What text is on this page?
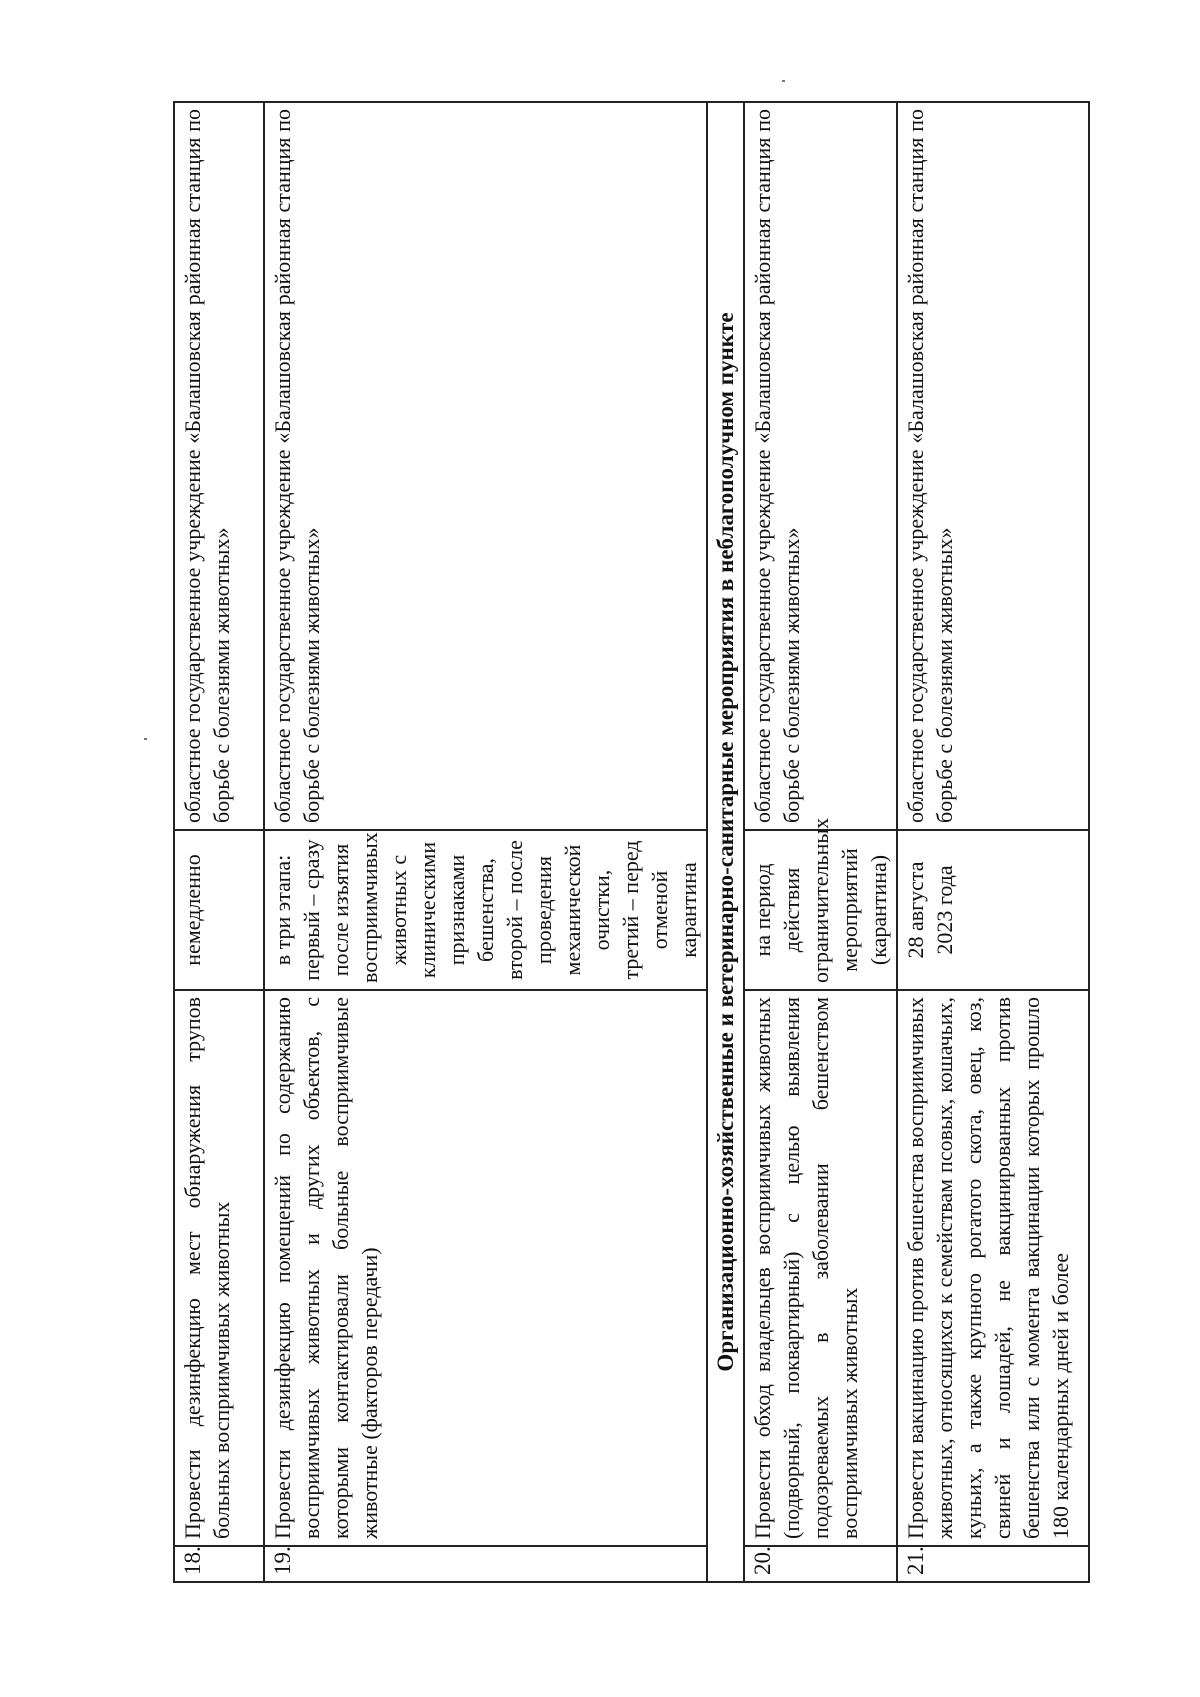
18.	Провести дезинфекцию мест обнаружения трупов больных восприимчивых животных	немедленно	областное государственное учреждение «Балашовская районная станция по борьбе с болезнями животных»
19.	Провести дезинфекцию помещений по содержанию восприимчивых животных и других объектов, с которыми контактировали больные восприимчивые животные (факторов передачи)	в три этапа: первый – сразу после изъятия восприимчивых животных с клиническими признаками бешенства, второй – после проведения механической очистки, третий – перед отменой карантина	областное государственное учреждение «Балашовская районная станция по борьбе с болезнями животных»
Организационно-хозяйственные и ветеринарно-санитарные мероприятия в неблагополучном пункте			
20.	Провести обход владельцев восприимчивых животных (подворный, поквартирный) с целью выявления подозреваемых в заболевании бешенством восприимчивых животных	на период действия ограничительных мероприятий (карантина)	областное государственное учреждение «Балашовская районная станция по борьбе с болезнями животных»
21.	Провести вакцинацию против бешенства восприимчивых животных, относящихся к семействам псовых, кошачьих, куньих, а также крупного рогатого скота, овец, коз, свиней и лошадей, не вакцинированных против бешенства или с момента вакцинации которых прошло 180 календарных дней и более	28 августа 2023 года	областное государственное учреждение «Балашовская районная станция по борьбе с болезнями животных»
